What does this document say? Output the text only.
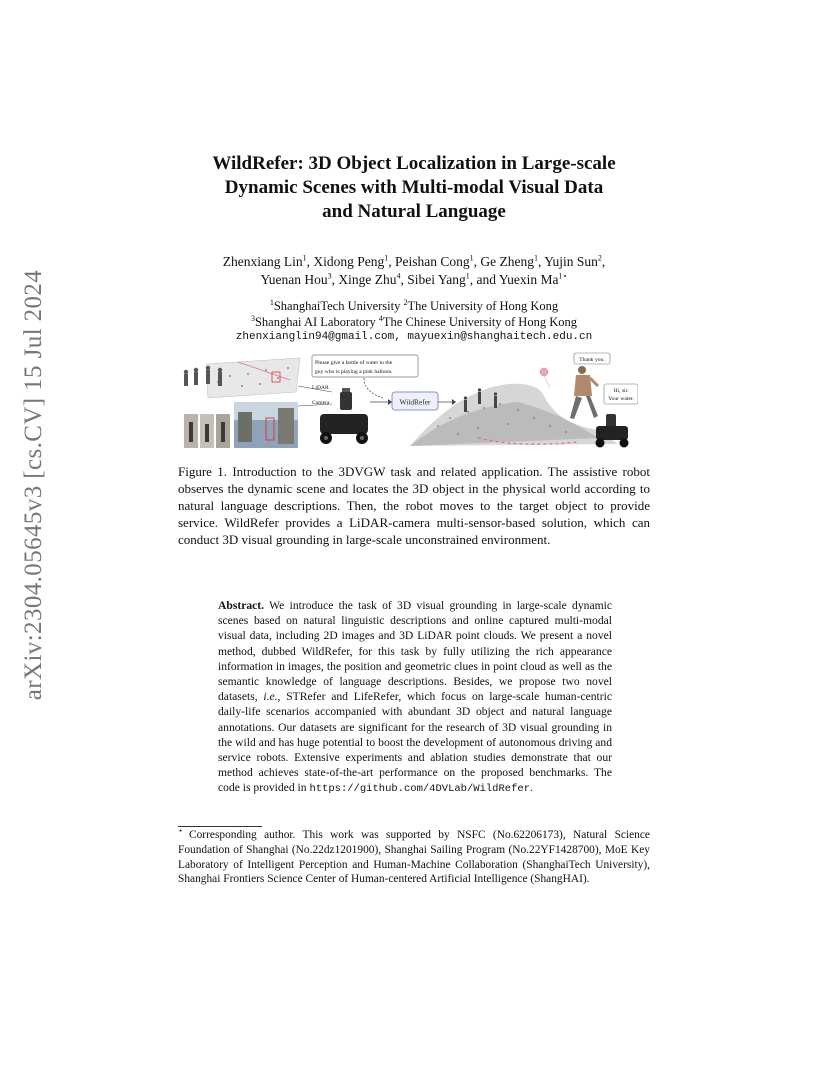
arXiv:2304.05645v3 [cs.CV] 15 Jul 2024
WildRefer: 3D Object Localization in Large-scale
Dynamic Scenes with Multi-modal Visual Data
and Natural Language
Zhenxiang Lin$^1$, Xidong Peng$^1$, Peishan Cong$^1$, Ge Zheng$^1$, Yujin Sun$^2$,
Yuenan Hou$^3$, Xinge Zhu$^4$, Sibei Yang$^1$, and Yuexin $Ma^{1⋆}$
$^1$ShanghaiTech University $^2$The University of Hong Kong
$^3$Shanghai AI Laboratory $^4$The Chinese University of Hong Kong
zhenxianglin94@gmail.com, mayuexin@shanghaitech.edu.cn
Please give a bottle of water to the
guy who is playing a pink balloon.
LiDAR
Camera	WildRefer
Thank you.
Hi, sir.
Your water.
Figure 1. Introduction to the 3DVGW task and related application. The assistive robot observes the dynamic scene and locates the 3D object in the physical world according to natural language descriptions. Then, the robot moves to the target object to provide service. WildRefer provides a LiDAR-camera multi-sensor-based solution, which can conduct 3D visual grounding in large-scale unconstrained environment.
Abstract. We introduce the task of 3D visual grounding in large-scale dynamic scenes based on natural linguistic descriptions and online captured multi-modal visual data, including 2D images and 3D LiDAR point clouds. We present a novel method, dubbed WildRefer, for this task by fully utilizing the rich appearance information in images, the position and geometric clues in point cloud as well as the semantic knowledge of language descriptions. Besides, we propose two novel datasets, i.e., STRefer and LifeRefer, which focus on large-scale human-centric daily-life scenarios accompanied with abundant 3D object and natural language annotations. Our datasets are significant for the research of 3D visual grounding in the wild and has huge potential to boost the development of autonomous driving and service robots. Extensive experiments and ablation studies demonstrate that our method achieves state-of-the-art performance on the proposed benchmarks. The code is provided in https://github.com/4DVLab/WildRefer.
⋆ Corresponding author. This work was supported by NSFC (No.62206173), Natural Science Foundation of Shanghai (No.22dz1201900), Shanghai Sailing Program (No.22YF1428700), MoE Key Laboratory of Intelligent Perception and Human-Machine Collaboration (ShanghaiTech University), Shanghai Frontiers Science Center of Human-centered Artificial Intelligence (ShangHAI).
